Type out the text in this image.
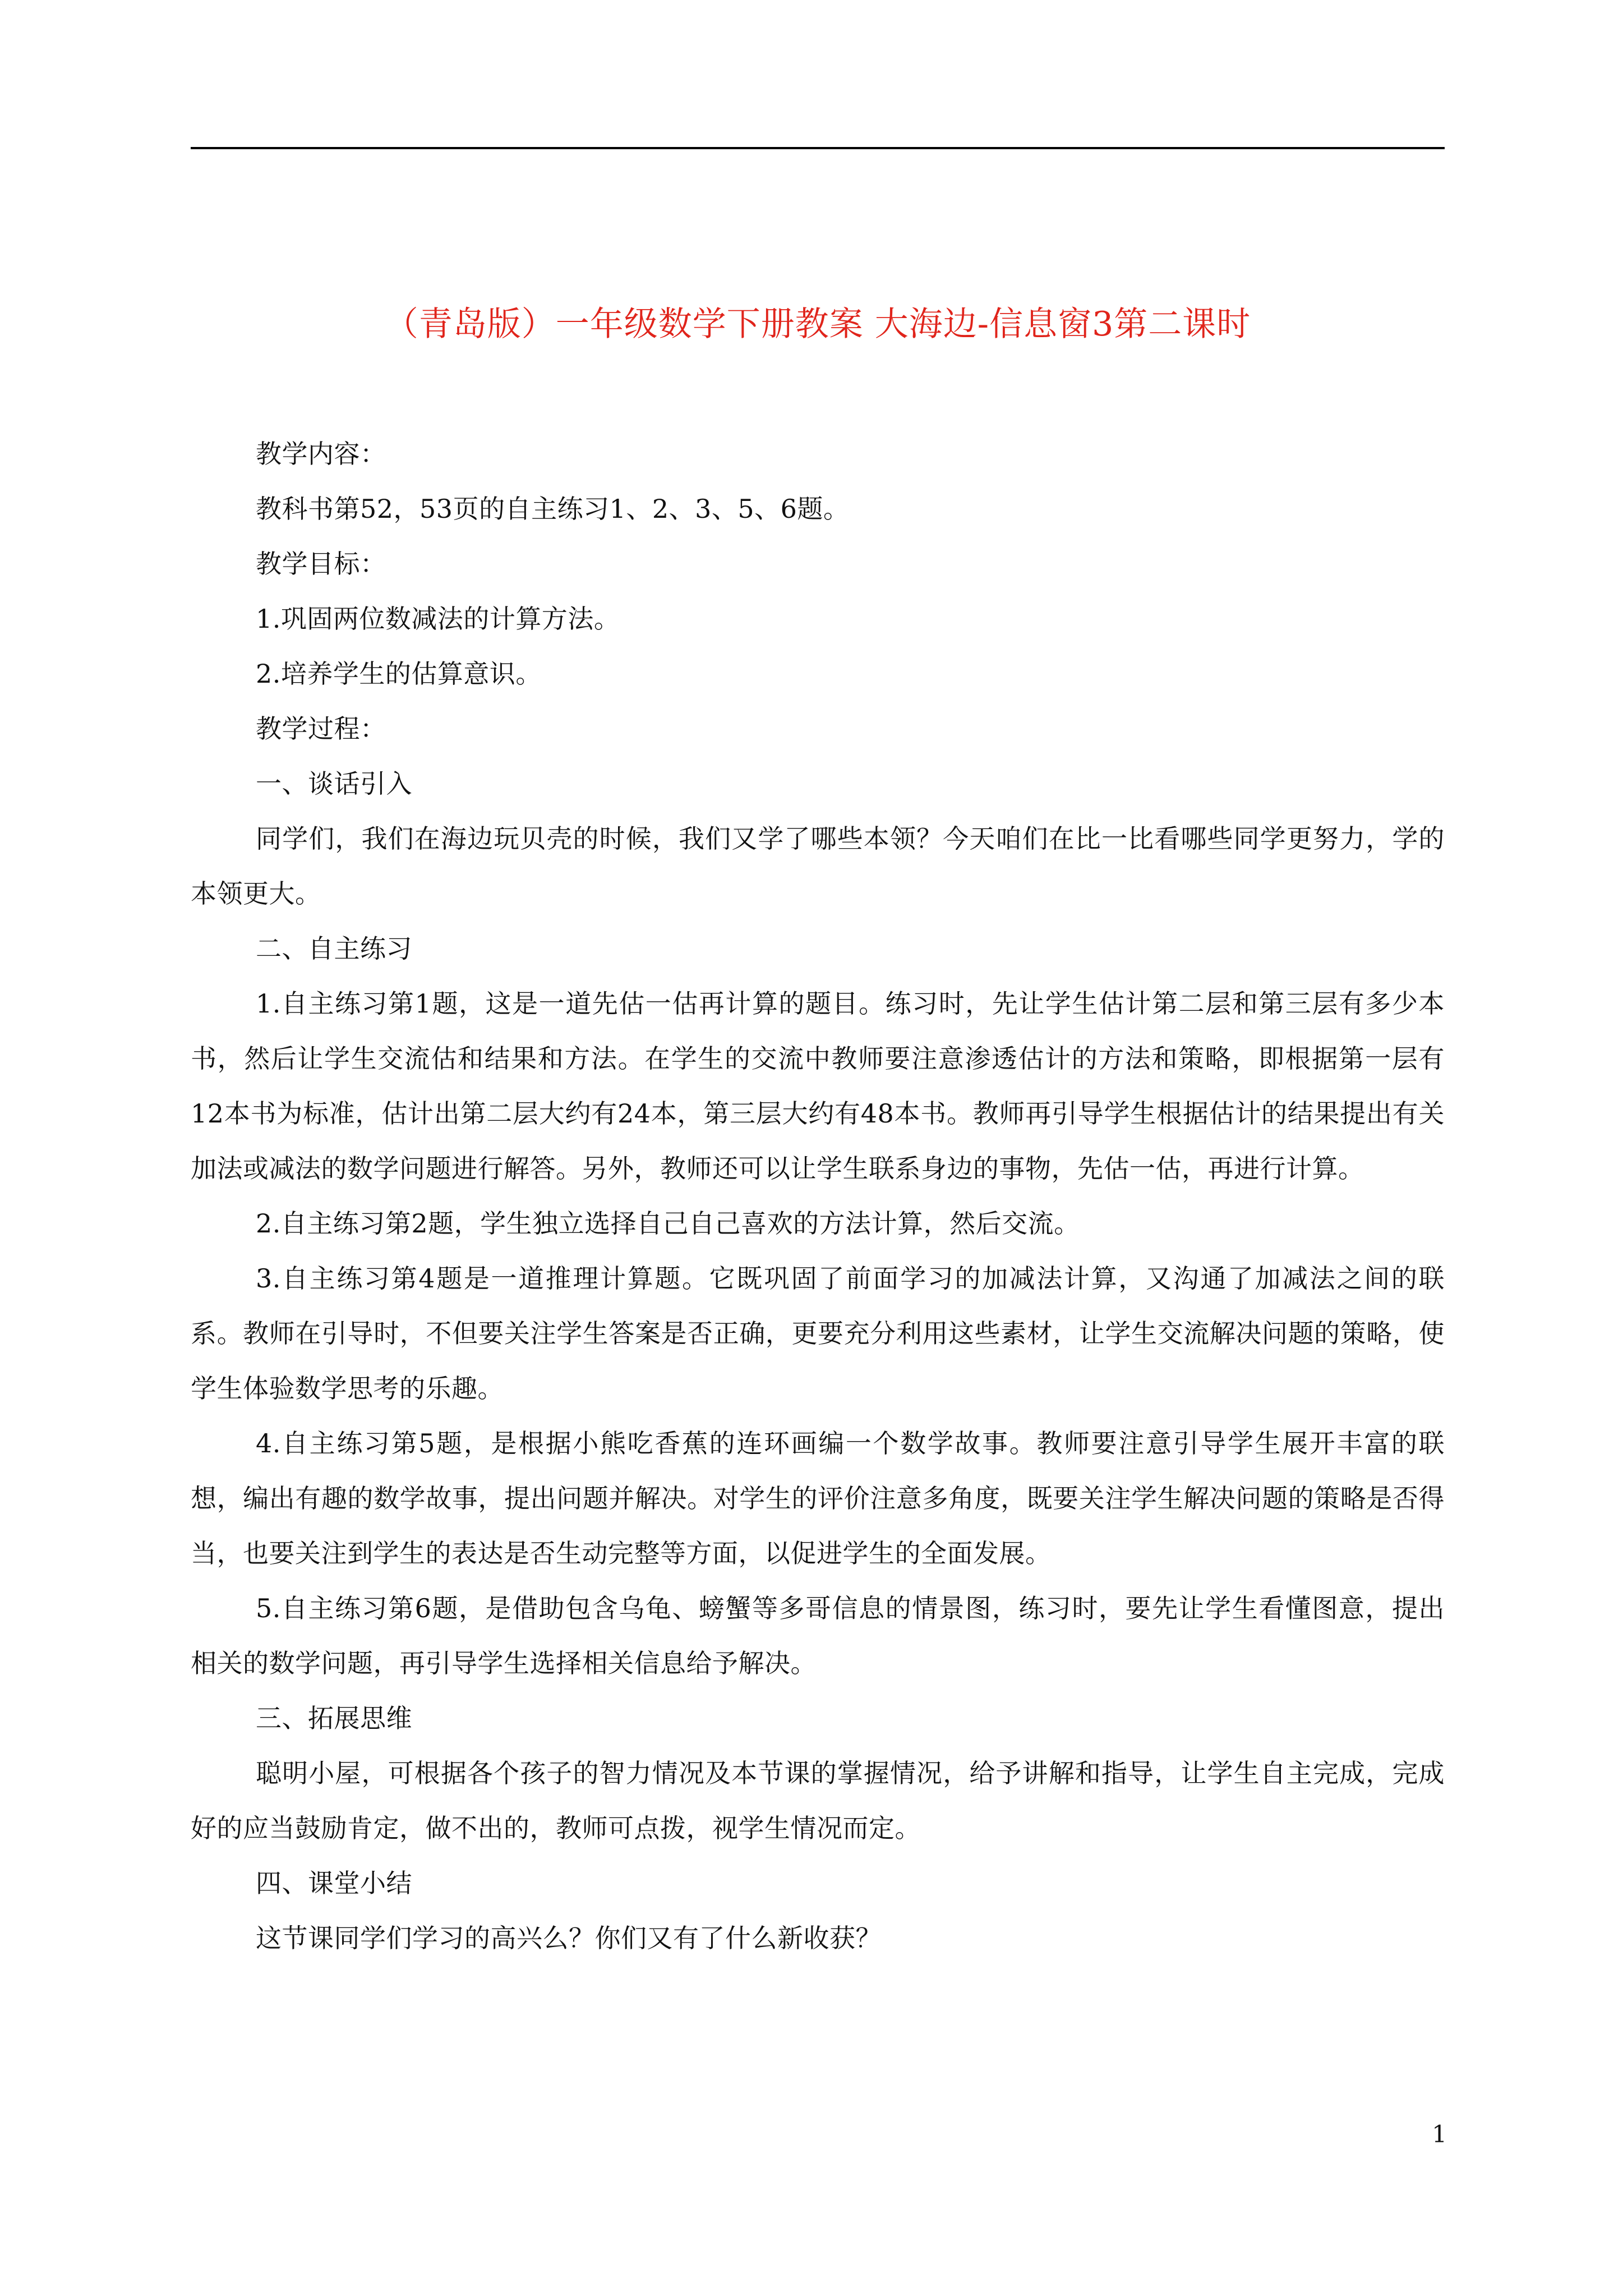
（青岛版）一年级数学下册教案 大海边-信息窗3第二课时

教学内容：

教科书第52，53页的自主练习1、2、3、5、6题。

教学目标：

1.巩固两位数减法的计算方法。

2.培养学生的估算意识。

教学过程：

一、谈话引入

同学们，我们在海边玩贝壳的时候，我们又学了哪些本领？今天咱们在比一比看哪些同学更努力，学的本领更大。

二、自主练习

1.自主练习第1题，这是一道先估一估再计算的题目。练习时，先让学生估计第二层和第三层有多少本书，然后让学生交流估和结果和方法。在学生的交流中教师要注意渗透估计的方法和策略，即根据第一层有12本书为标准，估计出第二层大约有24本，第三层大约有48本书。教师再引导学生根据估计的结果提出有关加法或减法的数学问题进行解答。另外，教师还可以让学生联系身边的事物，先估一估，再进行计算。

2.自主练习第2题，学生独立选择自己自己喜欢的方法计算，然后交流。

3.自主练习第4题是一道推理计算题。它既巩固了前面学习的加减法计算，又沟通了加减法之间的联系。教师在引导时，不但要关注学生答案是否正确，更要充分利用这些素材，让学生交流解决问题的策略，使学生体验数学思考的乐趣。

4.自主练习第5题，是根据小熊吃香蕉的连环画编一个数学故事。教师要注意引导学生展开丰富的联想，编出有趣的数学故事，提出问题并解决。对学生的评价注意多角度，既要关注学生解决问题的策略是否得当，也要关注到学生的表达是否生动完整等方面，以促进学生的全面发展。

5.自主练习第6题，是借助包含乌龟、螃蟹等多哥信息的情景图，练习时，要先让学生看懂图意，提出相关的数学问题，再引导学生选择相关信息给予解决。

三、拓展思维

聪明小屋，可根据各个孩子的智力情况及本节课的掌握情况，给予讲解和指导，让学生自主完成，完成好的应当鼓励肯定，做不出的，教师可点拨，视学生情况而定。

四、课堂小结

这节课同学们学习的高兴么？你们又有了什么新收获？

1
